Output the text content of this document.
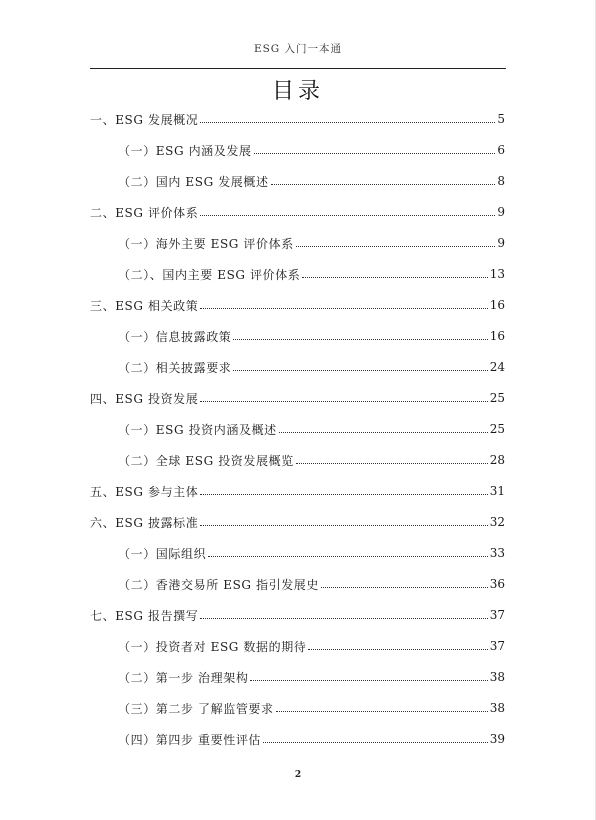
ESG 入门一本通
目录
一、ESG 发展概况	5
（一）ESG 内涵及发展	6
（二）国内 ESG 发展概述	8
二、ESG 评价体系	9
（一）海外主要 ESG 评价体系	9
（二）、国内主要 ESG 评价体系	13
三、ESG 相关政策	16
（一）信息披露政策	16
（二）相关披露要求	24
四、ESG 投资发展	25
（一）ESG 投资内涵及概述	25
（二）全球 ESG 投资发展概览	28
五、ESG 参与主体	31
六、ESG 披露标准	32
（一）国际组织	33
（二）香港交易所 ESG 指引发展史	36
七、ESG 报告撰写	37
（一）投资者对 ESG 数据的期待	37
（二）第一步 治理架构	38
（三）第二步 了解监管要求	38
（四）第四步 重要性评估	39
2
